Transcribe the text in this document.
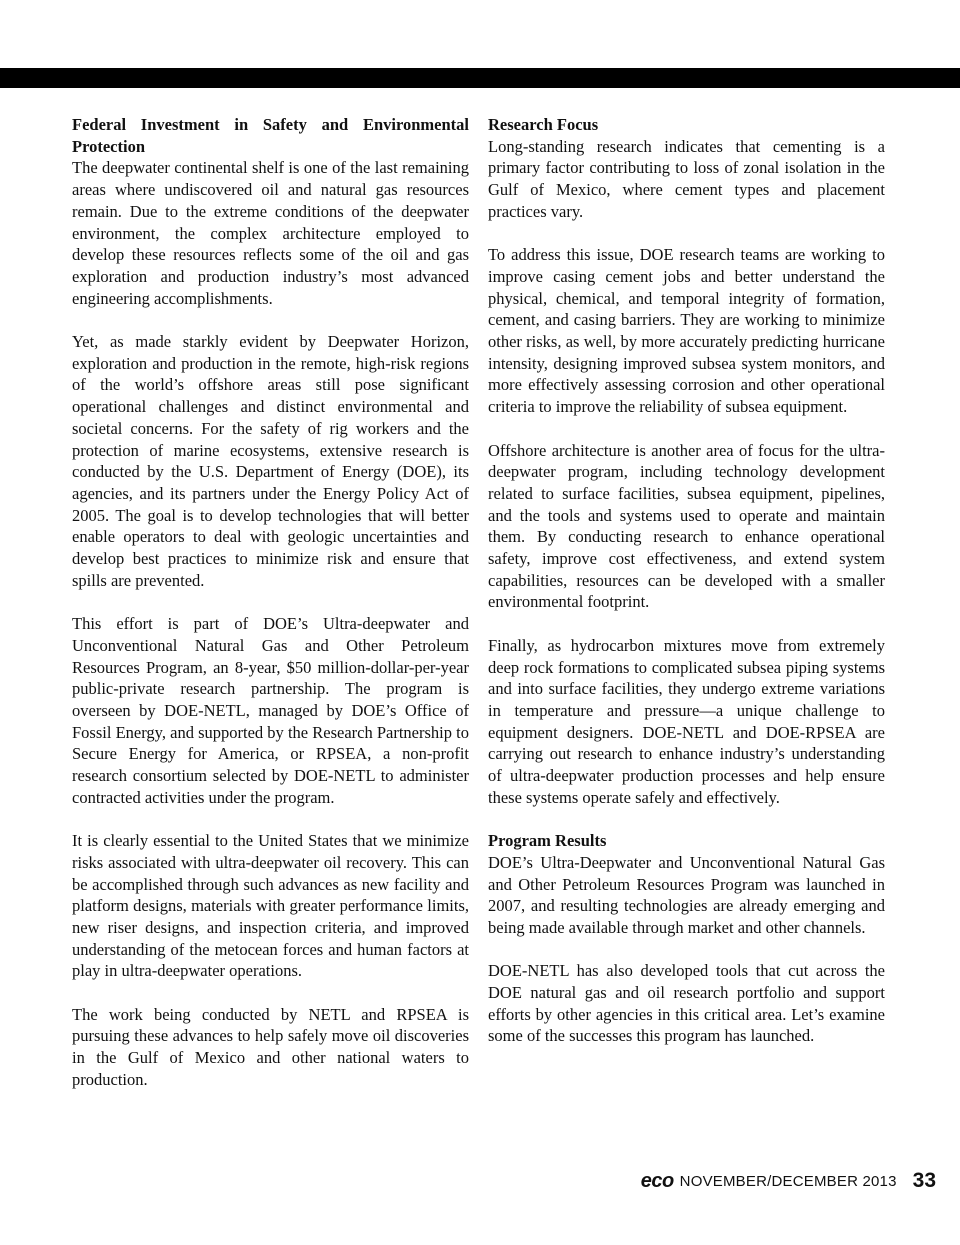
Federal Investment in Safety and Environmental Protection

The deepwater continental shelf is one of the last remaining areas where undiscovered oil and natural gas resources remain. Due to the extreme conditions of the deepwater environment, the complex architecture employed to develop these resources reflects some of the oil and gas exploration and production industry’s most advanced engineering accomplishments.

Yet, as made starkly evident by Deepwater Horizon, exploration and production in the remote, high-risk regions of the world’s offshore areas still pose significant operational challenges and distinct environmental and societal concerns. For the safety of rig workers and the protection of marine ecosystems, extensive research is conducted by the U.S. Department of Energy (DOE), its agencies, and its partners under the Energy Policy Act of 2005. The goal is to develop technologies that will better enable operators to deal with geologic uncertainties and develop best practices to minimize risk and ensure that spills are prevented.

This effort is part of DOE’s Ultra-deepwater and Unconventional Natural Gas and Other Petroleum Resources Program, an 8-year, $50 million-dollar-per-year public-private research partnership. The program is overseen by DOE-NETL, managed by DOE’s Office of Fossil Energy, and supported by the Research Partnership to Secure Energy for America, or RPSEA, a non-profit research consortium selected by DOE-NETL to administer contracted activities under the program.

It is clearly essential to the United States that we minimize risks associated with ultra-deepwater oil recovery. This can be accomplished through such advances as new facility and platform designs, materials with greater performance limits, new riser designs, and inspection criteria, and improved understanding of the metocean forces and human factors at play in ultra-deepwater operations.

The work being conducted by NETL and RPSEA is pursuing these advances to help safely move oil discoveries in the Gulf of Mexico and other national waters to production.

Research Focus

Long-standing research indicates that cementing is a primary factor contributing to loss of zonal isolation in the Gulf of Mexico, where cement types and placement practices vary.

To address this issue, DOE research teams are working to improve casing cement jobs and better understand the physical, chemical, and temporal integrity of formation, cement, and casing barriers. They are working to minimize other risks, as well, by more accurately predicting hurricane intensity, designing improved subsea system monitors, and more effectively assessing corrosion and other operational criteria to improve the reliability of subsea equipment.

Offshore architecture is another area of focus for the ultra-deepwater program, including technology development related to surface facilities, subsea equipment, pipelines, and the tools and systems used to operate and maintain them. By conducting research to enhance operational safety, improve cost effectiveness, and extend system capabilities, resources can be developed with a smaller environmental footprint.

Finally, as hydrocarbon mixtures move from extremely deep rock formations to complicated subsea piping systems and into surface facilities, they undergo extreme variations in temperature and pressure—a unique challenge to equipment designers. DOE-NETL and DOE-RPSEA are carrying out research to enhance industry’s understanding of ultra-deepwater production processes and help ensure these systems operate safely and effectively.

Program Results

DOE’s Ultra-Deepwater and Unconventional Natural Gas and Other Petroleum Resources Program was launched in 2007, and resulting technologies are already emerging and being made available through market and other channels.

DOE-NETL has also developed tools that cut across the DOE natural gas and oil research portfolio and support efforts by other agencies in this critical area. Let’s examine some of the successes this program has launched.

eco NOVEMBER/DECEMBER 2013 33
